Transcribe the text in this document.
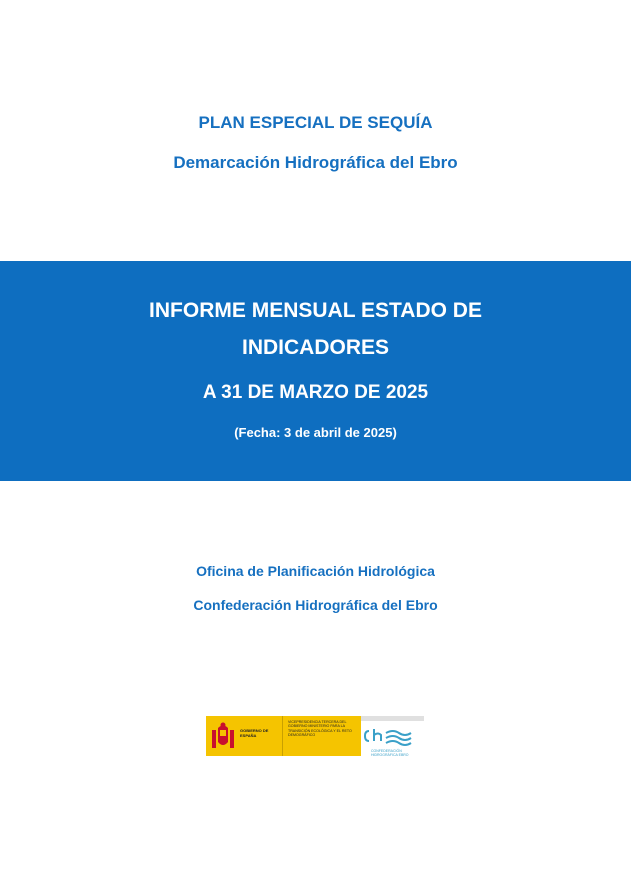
PLAN ESPECIAL DE SEQUÍA
Demarcación Hidrográfica del Ebro
INFORME MENSUAL ESTADO DE
INDICADORES
A 31 DE MARZO DE 2025
(Fecha: 3 de abril de 2025)
Oficina de Planificación Hidrológica
Confederación Hidrográfica del Ebro
GOBIERNO DE ESPAÑA
VICEPRESIDENCIA TERCERA DEL GOBIERNO MINISTERIO PARA LA TRANSICIÓN ECOLÓGICA Y EL RETO DEMOGRÁFICO
CONFEDERACIÓN HIDROGRÁFICA EBRO
